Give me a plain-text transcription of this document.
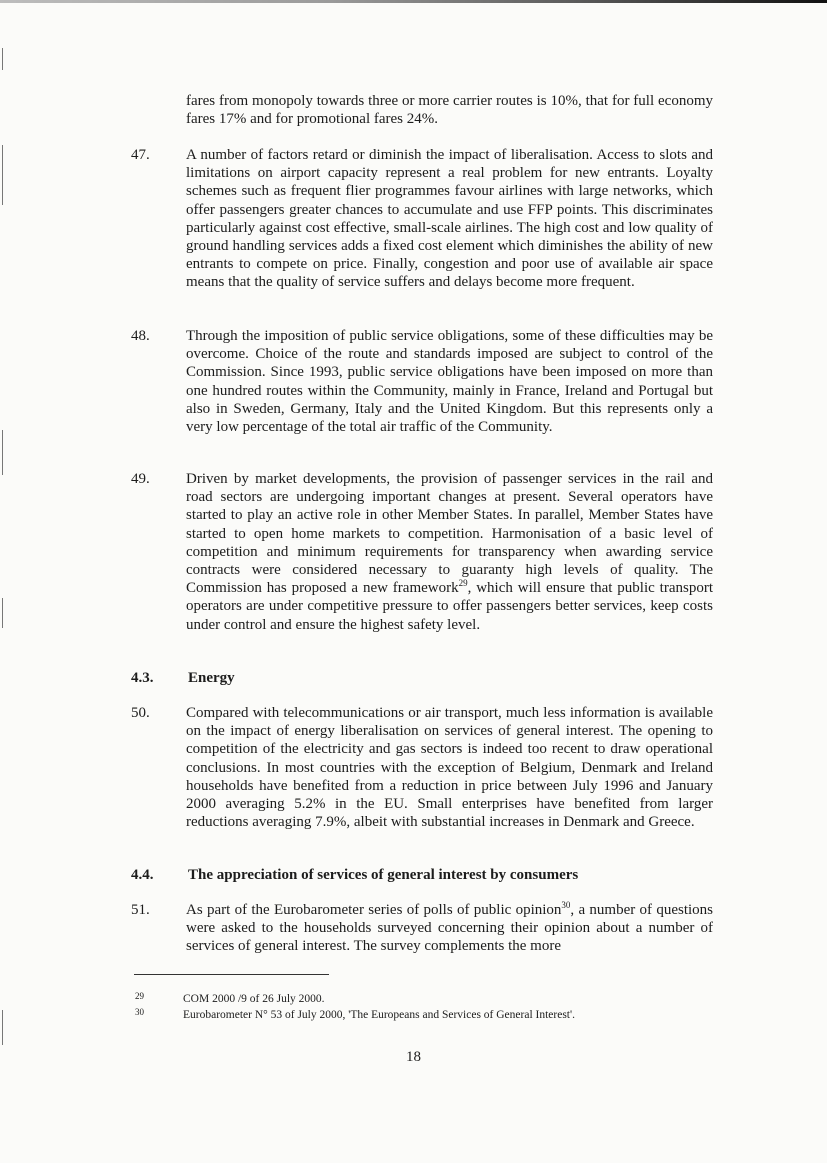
fares from monopoly towards three or more carrier routes is 10%, that for full economy fares 17% and for promotional fares 24%.
47. A number of factors retard or diminish the impact of liberalisation. Access to slots and limitations on airport capacity represent a real problem for new entrants. Loyalty schemes such as frequent flier programmes favour airlines with large networks, which offer passengers greater chances to accumulate and use FFP points. This discriminates particularly against cost effective, small-scale airlines. The high cost and low quality of ground handling services adds a fixed cost element which diminishes the ability of new entrants to compete on price. Finally, congestion and poor use of available air space means that the quality of service suffers and delays become more frequent.
48. Through the imposition of public service obligations, some of these difficulties may be overcome. Choice of the route and standards imposed are subject to control of the Commission. Since 1993, public service obligations have been imposed on more than one hundred routes within the Community, mainly in France, Ireland and Portugal but also in Sweden, Germany, Italy and the United Kingdom. But this represents only a very low percentage of the total air traffic of the Community.
49. Driven by market developments, the provision of passenger services in the rail and road sectors are undergoing important changes at present. Several operators have started to play an active role in other Member States. In parallel, Member States have started to open home markets to competition. Harmonisation of a basic level of competition and minimum requirements for transparency when awarding service contracts were considered necessary to guaranty high levels of quality. The Commission has proposed a new framework$^{29}$, which will ensure that public transport operators are under competitive pressure to offer passengers better services, keep costs under control and ensure the highest safety level.
4.3. Energy
50. Compared with telecommunications or air transport, much less information is available on the impact of energy liberalisation on services of general interest. The opening to competition of the electricity and gas sectors is indeed too recent to draw operational conclusions. In most countries with the exception of Belgium, Denmark and Ireland households have benefited from a reduction in price between July 1996 and January 2000 averaging 5.2% in the EU. Small enterprises have benefited from larger reductions averaging 7.9%, albeit with substantial increases in Denmark and Greece.
4.4. The appreciation of services of general interest by consumers
51. As part of the Eurobarometer series of polls of public opinion$^{30}$, a number of questions were asked to the households surveyed concerning their opinion about a number of services of general interest. The survey complements the more
29	COM 2000 /9 of 26 July 2000.
30	Eurobarometer N° 53 of July 2000, 'The Europeans and Services of General Interest'.
18
